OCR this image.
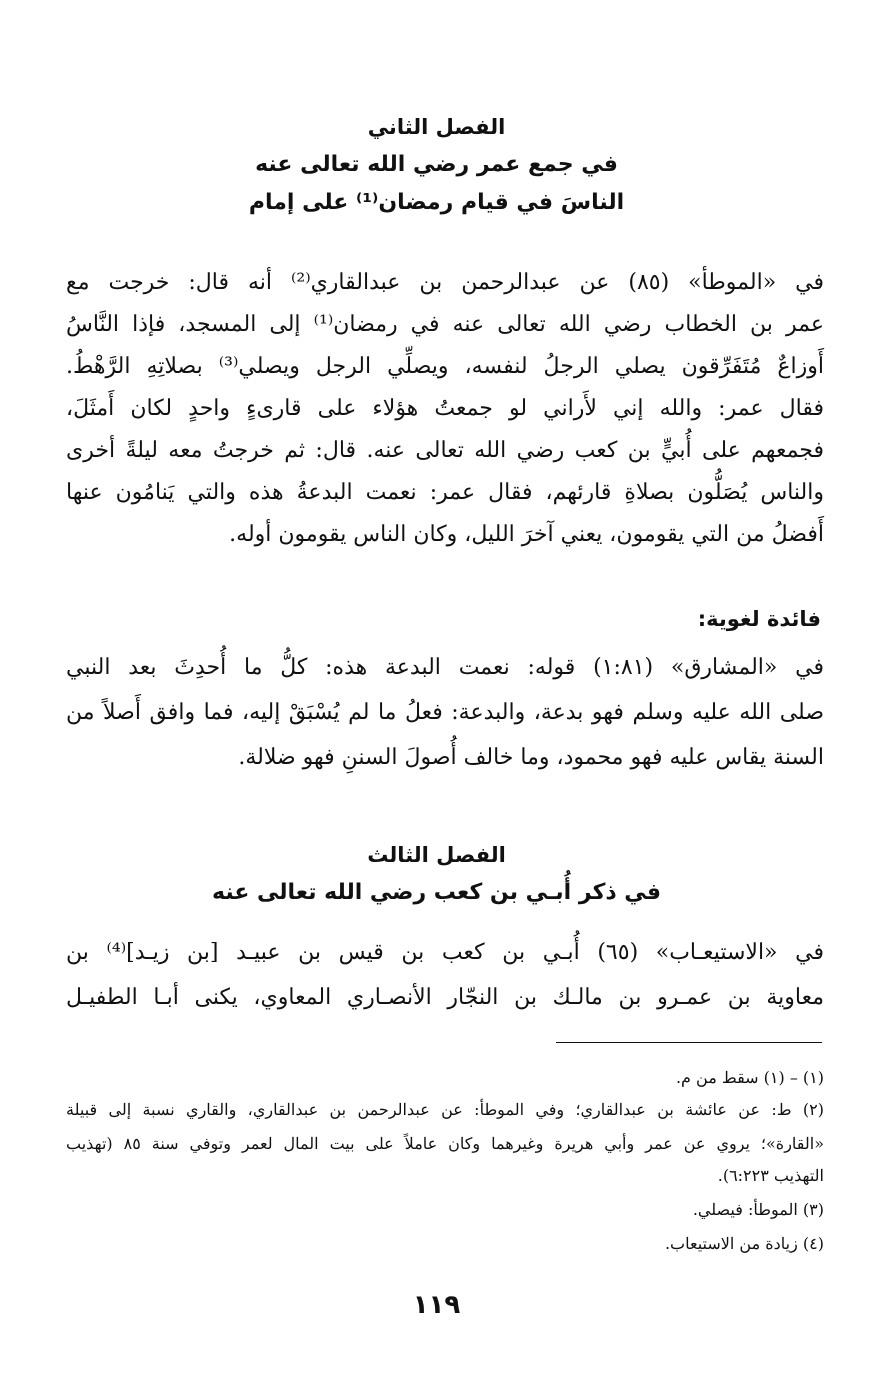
الفصل الثاني
في جمع عمر رضي الله تعالى عنه
الناسَ في قيام رمضان⁽¹⁾ على إمام
في «الموطأ» (٨٥) عن عبدالرحمن بن عبدالقاري⁽²⁾ أنه قال: خرجت مع
عمر بن الخطاب رضي الله تعالى عنه في رمضان⁽¹⁾ إلى المسجد، فإذا النَّاسُ
أَوزاعٌ مُتَفَرِّقون يصلي الرجلُ لنفسه، ويصلِّي الرجل ويصلي⁽³⁾ بصلاتِهِ الرَّهْطُ.
فقال عمر: والله إني لأَراني لو جمعتُ هؤلاء على قارىءٍ واحدٍ لكان أَمثَلَ،
فجمعهم على أُبيٍّ بن كعب رضي الله تعالى عنه. قال: ثم خرجتُ معه ليلةً أخرى
والناس يُصَلُّون بصلاةِ قارئهم، فقال عمر: نعمت البدعةُ هذه والتي يَنامُون عنها
أَفضلُ من التي يقومون، يعني آخرَ الليل، وكان الناس يقومون أوله.
فائدة لغوية:
في «المشارق» (١:٨١) قوله: نعمت البدعة هذه: كلُّ ما أُحدِثَ بعد النبي
صلى الله عليه وسلم فهو بدعة، والبدعة: فعلُ ما لم يُسْبَقْ إليه، فما وافق أَصلاً من
السنة يقاس عليه فهو محمود، وما خالف أُصولَ السننِ فهو ضلالة.
الفصل الثالث
في ذكر أُبـي بن كعب رضي الله تعالى عنه
في «الاستيعـاب» (٦٥) أُبـي بن كعب بن قيس بن عبيـد [بن زيـد]⁽⁴⁾ بن
معاوية بن عمـرو بن مالـك بن النجّار الأنصـاري المعاوي، يكنى أبـا الطفيـل
(١) – (١) سقط من م.
(٢) ط: عن عائشة بن عبدالقاري؛ وفي الموطأ: عن عبدالرحمن بن عبدالقاري، والقاري نسبة إلى قبيلة
«القارة»؛ يروي عن عمر وأبي هريرة وغيرهما وكان عاملاً على بيت المال لعمر وتوفي سنة ٨٥ (تهذيب
التهذيب ٦:٢٢٣).
(٣) الموطأ: فيصلي.
(٤) زيادة من الاستيعاب.
١١٩
